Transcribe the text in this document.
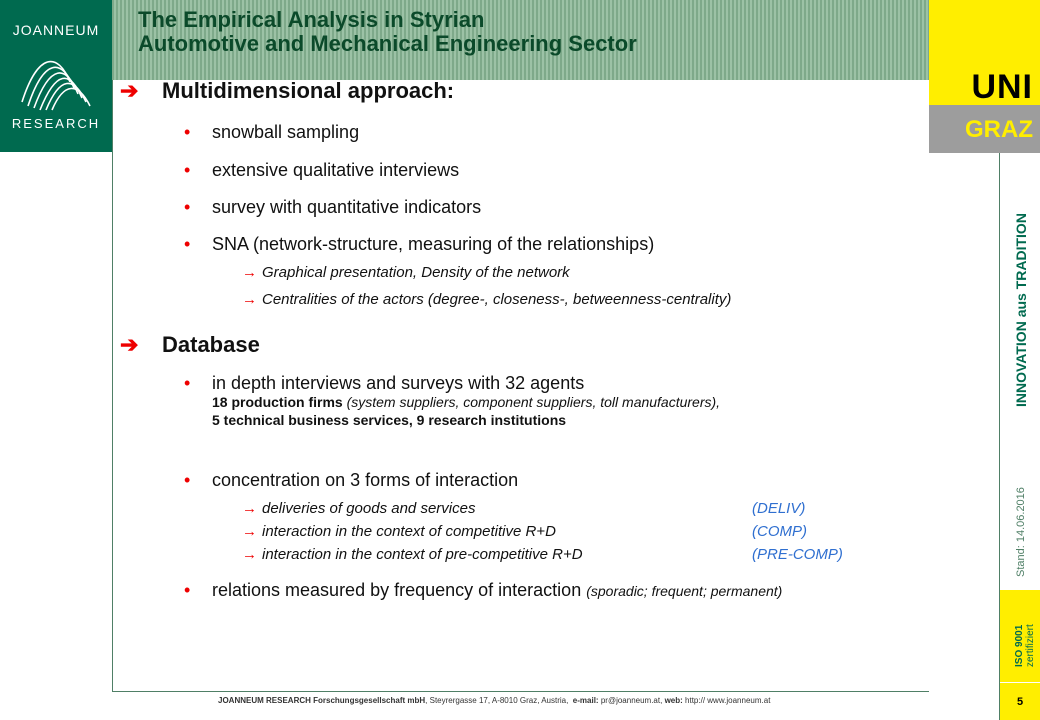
JOANNEUM
RESEARCH
The Empirical Analysis in Styrian
Automotive and Mechanical Engineering Sector
UNI
GRAZ
INNOVATION aus TRADITION
Stand: 14.06.2016
ISO 9001 zertifiziert
5
➔ Multidimensional approach:
• snowball sampling
• extensive qualitative interviews
• survey with quantitative indicators
• SNA (network-structure, measuring of the relationships)
→ Graphical presentation, Density of the network
→ Centralities of the actors (degree-, closeness-, betweenness-centrality)
➔ Database
• in depth interviews and surveys with 32 agents
18 production firms (system suppliers, component suppliers, toll manufacturers),
5 technical business services, 9 research institutions
• concentration on 3 forms of interaction
→ deliveries of goods and services	(DELIV)
→ interaction in the context of competitive R+D	(COMP)
→ interaction in the context of pre-competitive R+D	(PRE-COMP)
• relations measured by frequency of interaction (sporadic; frequent; permanent)
JOANNEUM RESEARCH Forschungsgesellschaft mbH, Steyrergasse 17, A-8010 Graz, Austria, e-mail: pr@joanneum.at, web: http:// www.joanneum.at
